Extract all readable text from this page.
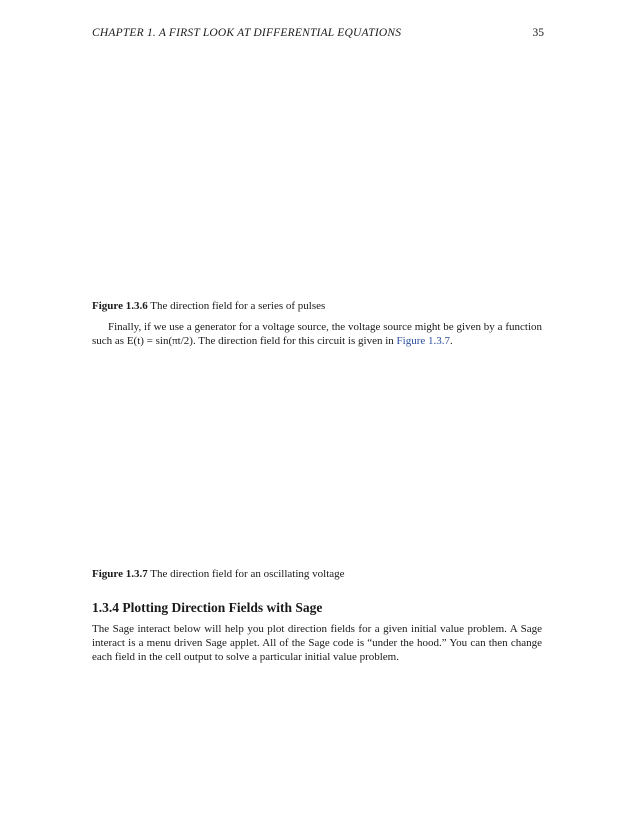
CHAPTER 1. A FIRST LOOK AT DIFFERENTIAL EQUATIONS	35
0	5	10	15
0
5
10
15
20
t
E(t)
0	2	4	6	8	10
-3
-2
-1
0
1
2
3
t
E(t)
Figure 1.3.6 The direction field for a series of pulses

Finally, if we use a generator for a voltage source, the voltage source might be given by a function such as E(t) = sin(πt/2). The direction field for this circuit is given in Figure 1.3.7.

Figure 1.3.7 The direction field for an oscillating voltage
1.3.4 Plotting Direction Fields with Sage

The Sage interact below will help you plot direction fields for a given initial value problem. A Sage interact is a menu driven Sage applet. All of the Sage code is “under the hood.” You can then change each field in the cell output to solve a particular initial value problem.
